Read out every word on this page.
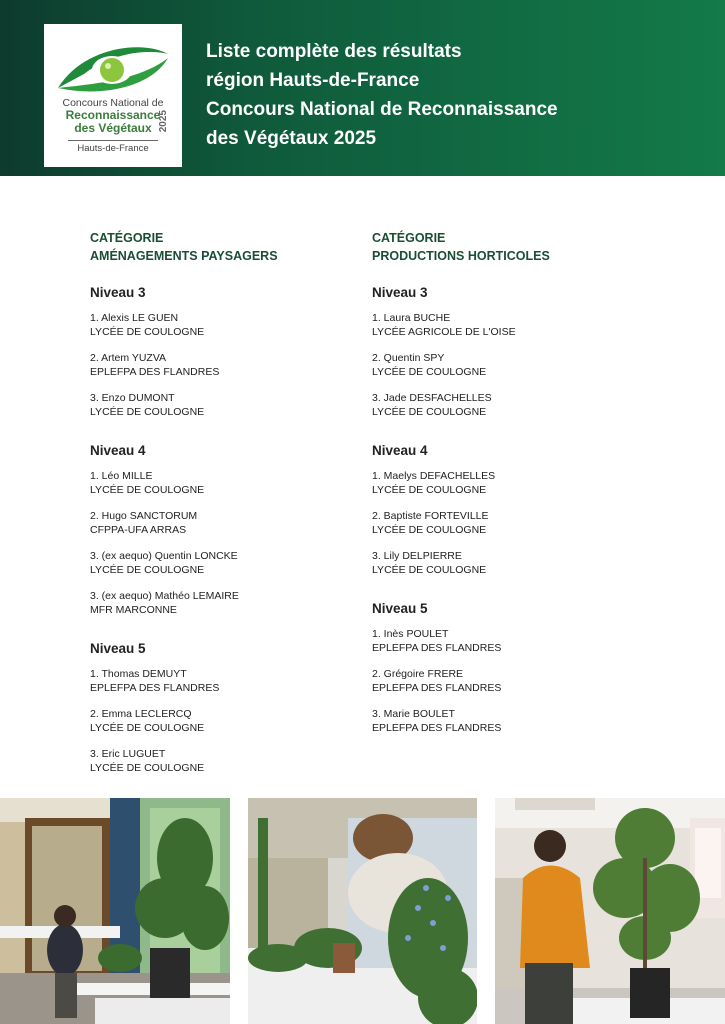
Concours National de
Reconnaissance
des Végétaux 2025
Hauts-de-France
Liste complète des résultats
région Hauts-de-France
Concours National de Reconnaissance
des Végétaux 2025
CATÉGORIE
AMÉNAGEMENTS PAYSAGERS
Niveau 3
1. Alexis LE GUEN
LYCÉE DE COULOGNE
2. Artem YUZVA
EPLEFPA DES FLANDRES
3. Enzo DUMONT
LYCÉE DE COULOGNE
Niveau 4
1. Léo MILLE
LYCÉE DE COULOGNE
2. Hugo SANCTORUM
CFPPA-UFA ARRAS
3. (ex aequo) Quentin LONCKE
LYCÉE DE COULOGNE
3. (ex aequo) Mathéo LEMAIRE
MFR MARCONNE
Niveau 5
1. Thomas DEMUYT
EPLEFPA DES FLANDRES
2. Emma LECLERCQ
LYCÉE DE COULOGNE
3. Eric LUGUET
LYCÉE DE COULOGNE
CATÉGORIE
PRODUCTIONS HORTICOLES
Niveau 3
1. Laura BUCHE
LYCÉE AGRICOLE DE L'OISE
2. Quentin SPY
LYCÉE DE COULOGNE
3. Jade DESFACHELLES
LYCÉE DE COULOGNE
Niveau 4
1. Maelys DEFACHELLES
LYCÉE DE COULOGNE
2. Baptiste FORTEVILLE
LYCÉE DE COULOGNE
3. Lily DELPIERRE
LYCÉE DE COULOGNE
Niveau 5
1. Inès POULET
EPLEFPA DES FLANDRES
2. Grégoire FRERE
EPLEFPA DES FLANDRES
3. Marie BOULET
EPLEFPA DES FLANDRES
